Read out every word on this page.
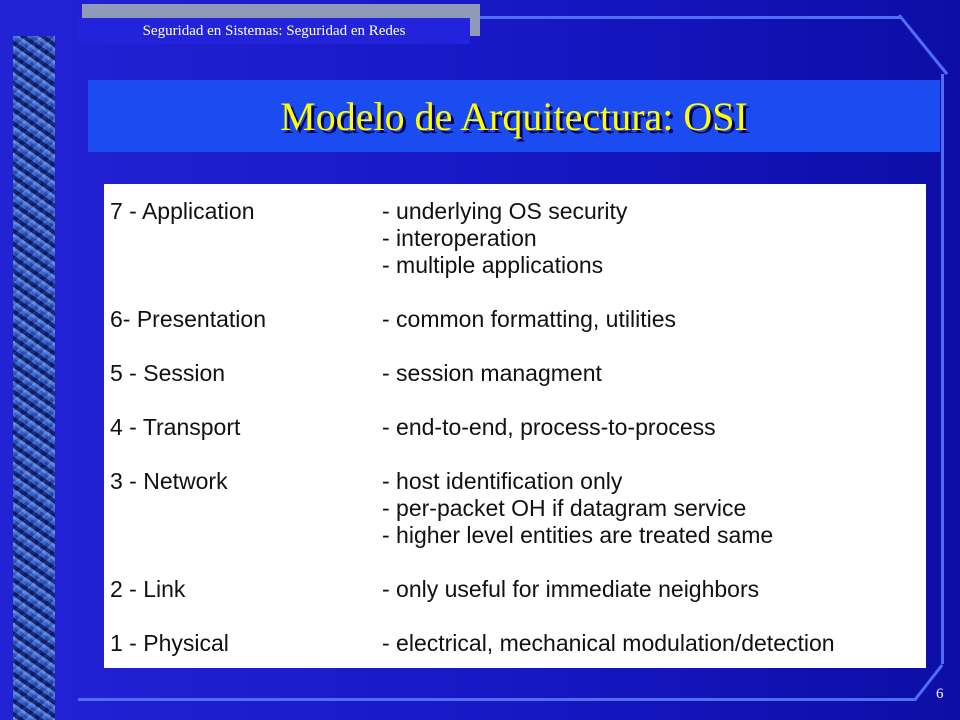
Seguridad en Sistemas: Seguridad en Redes
Modelo de Arquitectura: OSI
7 - Application	- underlying OS security
- interoperation
- multiple applications
6- Presentation	- common formatting, utilities
5 - Session	- session managment
4 - Transport	- end-to-end, process-to-process
3 - Network	- host identification only
- per-packet OH if datagram service
- higher level entities are treated same
2 - Link	- only useful for immediate neighbors
1 - Physical	- electrical, mechanical modulation/detection
6
